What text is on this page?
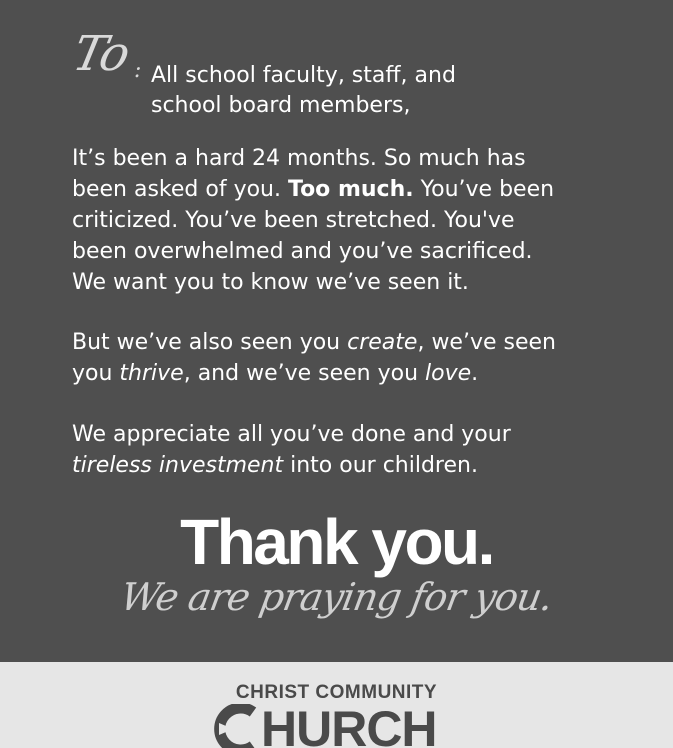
To : All school faculty, staff, and
school board members,
It’s been a hard 24 months. So much has
been asked of you. Too much. You’ve been
criticized. You’ve been stretched. You've
been overwhelmed and you’ve sacrificed.
We want you to know we’ve seen it.
But we’ve also seen you create, we’ve seen
you thrive, and we’ve seen you love.
We appreciate all you’ve done and your
tireless investment into our children.
Thank you.
We are praying for you.
CHRIST COMMUNITY
HURCH
